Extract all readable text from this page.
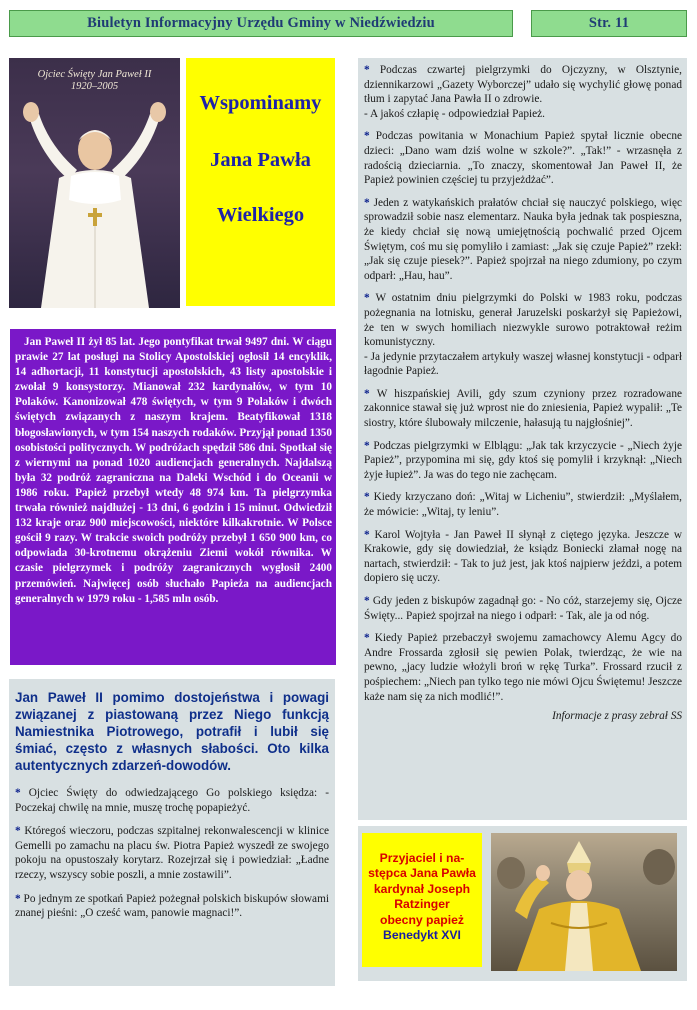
Biuletyn Informacyjny Urzędu Gminy w Niedźwiedziu	Str. 11
Ojciec Święty Jan Paweł II
1920–2005
Wspominamy
Jana Pawła
Wielkiego
Jan Paweł II żył 85 lat. Jego pontyfikat trwał 9497 dni. W ciągu prawie 27 lat posługi na Stolicy Apostolskiej ogłosił 14 encyklik, 14 adhortacji, 11 konstytucji apostolskich, 43 listy apostolskie i zwołał 9 konsystorzy. Mianował 232 kardynałów, w tym 10 Polaków. Kanonizował 478 świętych, w tym 9 Polaków i dwóch świętych związanych z naszym krajem. Beatyfikował 1318 błogosławionych, w tym 154 naszych rodaków. Przyjął ponad 1350 osobistości politycznych. W podróżach spędził 586 dni. Spotkał się z wiernymi na ponad 1020 audiencjach generalnych. Najdalszą była 32 podróż zagraniczna na Daleki Wschód i do Oceanii w 1986 roku. Papież przebył wtedy 48 974 km. Ta pielgrzymka trwała również najdłużej - 13 dni, 6 godzin i 15 minut. Odwiedził 132 kraje oraz 900 miejscowości, niektóre kilkakrotnie. W Polsce gościł 9 razy. W trakcie swoich podróży przebył 1 650 900 km, co odpowiada 30-krotnemu okrążeniu Ziemi wokół równika. W czasie pielgrzymek i podróży zagranicznych wygłosił 2400 przemówień. Najwięcej osób słuchało Papieża na audiencjach generalnych w 1979 roku - 1,585 mln osób.

Jan Paweł II pomimo dostojeństwa i powagi związanej z piastowaną przez Niego funkcją Namiestnika Piotrowego, potrafił i lubił się śmiać, często z własnych słabości. Oto kilka autentycznych zdarzeń-dowodów.

* Ojciec Święty do odwiedzającego Go polskiego księdza: - Poczekaj chwilę na mnie, muszę trochę popapieżyć.

* Któregoś wieczoru, podczas szpitalnej rekonwalescencji w klinice Gemelli po zamachu na placu św. Piotra Papież wyszedł ze swojego pokoju na opustoszały korytarz. Rozejrzał się i powiedział: „Ładne rzeczy, wszyscy sobie poszli, a mnie zostawili”.

* Po jednym ze spotkań Papież pożegnał polskich biskupów słowami znanej pieśni: „O cześć wam, panowie magnaci!”.

* Podczas czwartej pielgrzymki do Ojczyzny, w Olsztynie, dziennikarzowi „Gazety Wyborczej” udało się wychylić głowę ponad tłum i zapytać Jana Pawła II o zdrowie.
- A jakoś człapię - odpowiedział Papież.

* Podczas powitania w Monachium Papież spytał licznie obecne dzieci: „Dano wam dziś wolne w szkole?”. „Tak!” - wrzasnęła z radością dzieciarnia. „To znaczy, skomentował Jan Paweł II, że Papież powinien częściej tu przyjeżdżać”.

* Jeden z watykańskich prałatów chciał się nauczyć polskiego, więc sprowadził sobie nasz elementarz. Nauka była jednak tak pospieszna, że kiedy chciał się nową umiejętnością pochwalić przed Ojcem Świętym, coś mu się pomyliło i zamiast: „Jak się czuje Papież” rzekł: „Jak się czuje piesek?”. Papież spojrzał na niego zdumiony, po czym odparł: „Hau, hau”.

* W ostatnim dniu pielgrzymki do Polski w 1983 roku, podczas pożegnania na lotnisku, generał Jaruzelski poskarżył się Papieżowi, że ten w swych homiliach niezwykle surowo potraktował reżim komunistyczny.
- Ja jedynie przytaczałem artykuły waszej własnej konstytucji - odparł łagodnie Papież.

* W hiszpańskiej Avili, gdy szum czyniony przez rozradowane zakonnice stawał się już wprost nie do zniesienia, Papież wypalił: „Te siostry, które ślubowały milczenie, hałasują tu najgłośniej”.

* Podczas pielgrzymki w Elblągu: „Jak tak krzyczycie - „Niech żyje Papież”, przypomina mi się, gdy ktoś się pomylił i krzyknął: „Niech żyje łupież”. Ja was do tego nie zachęcam.

* Kiedy krzyczano doń: „Witaj w Licheniu”, stwierdził: „Myślałem, że mówicie: „Witaj, ty leniu”.

* Karol Wojtyła - Jan Paweł II słynął z ciętego języka. Jeszcze w Krakowie, gdy się dowiedział, że ksiądz Boniecki złamał nogę na nartach, stwierdził: - Tak to już jest, jak ktoś najpierw jeździ, a potem dopiero się uczy.

* Gdy jeden z biskupów zagadnął go: - No cóż, starzejemy się, Ojcze Święty... Papież spojrzał na niego i odparł: - Tak, ale ja od nóg.

* Kiedy Papież przebaczył swojemu zamachowcy Alemu Agcy do Andre Frossarda zgłosił się pewien Polak, twierdząc, że wie na pewno, „jacy ludzie włożyli broń w rękę Turka”. Frossard rzucił z pośpiechem: „Niech pan tylko tego nie mówi Ojcu Świętemu! Jeszcze każe nam się za nich modlić!”.

Informacje z prasy zebrał SS
Przyjaciel i na-
stępca Jana Pawła
kardynał Joseph
Ratzinger
obecny papież
Benedykt XVI
